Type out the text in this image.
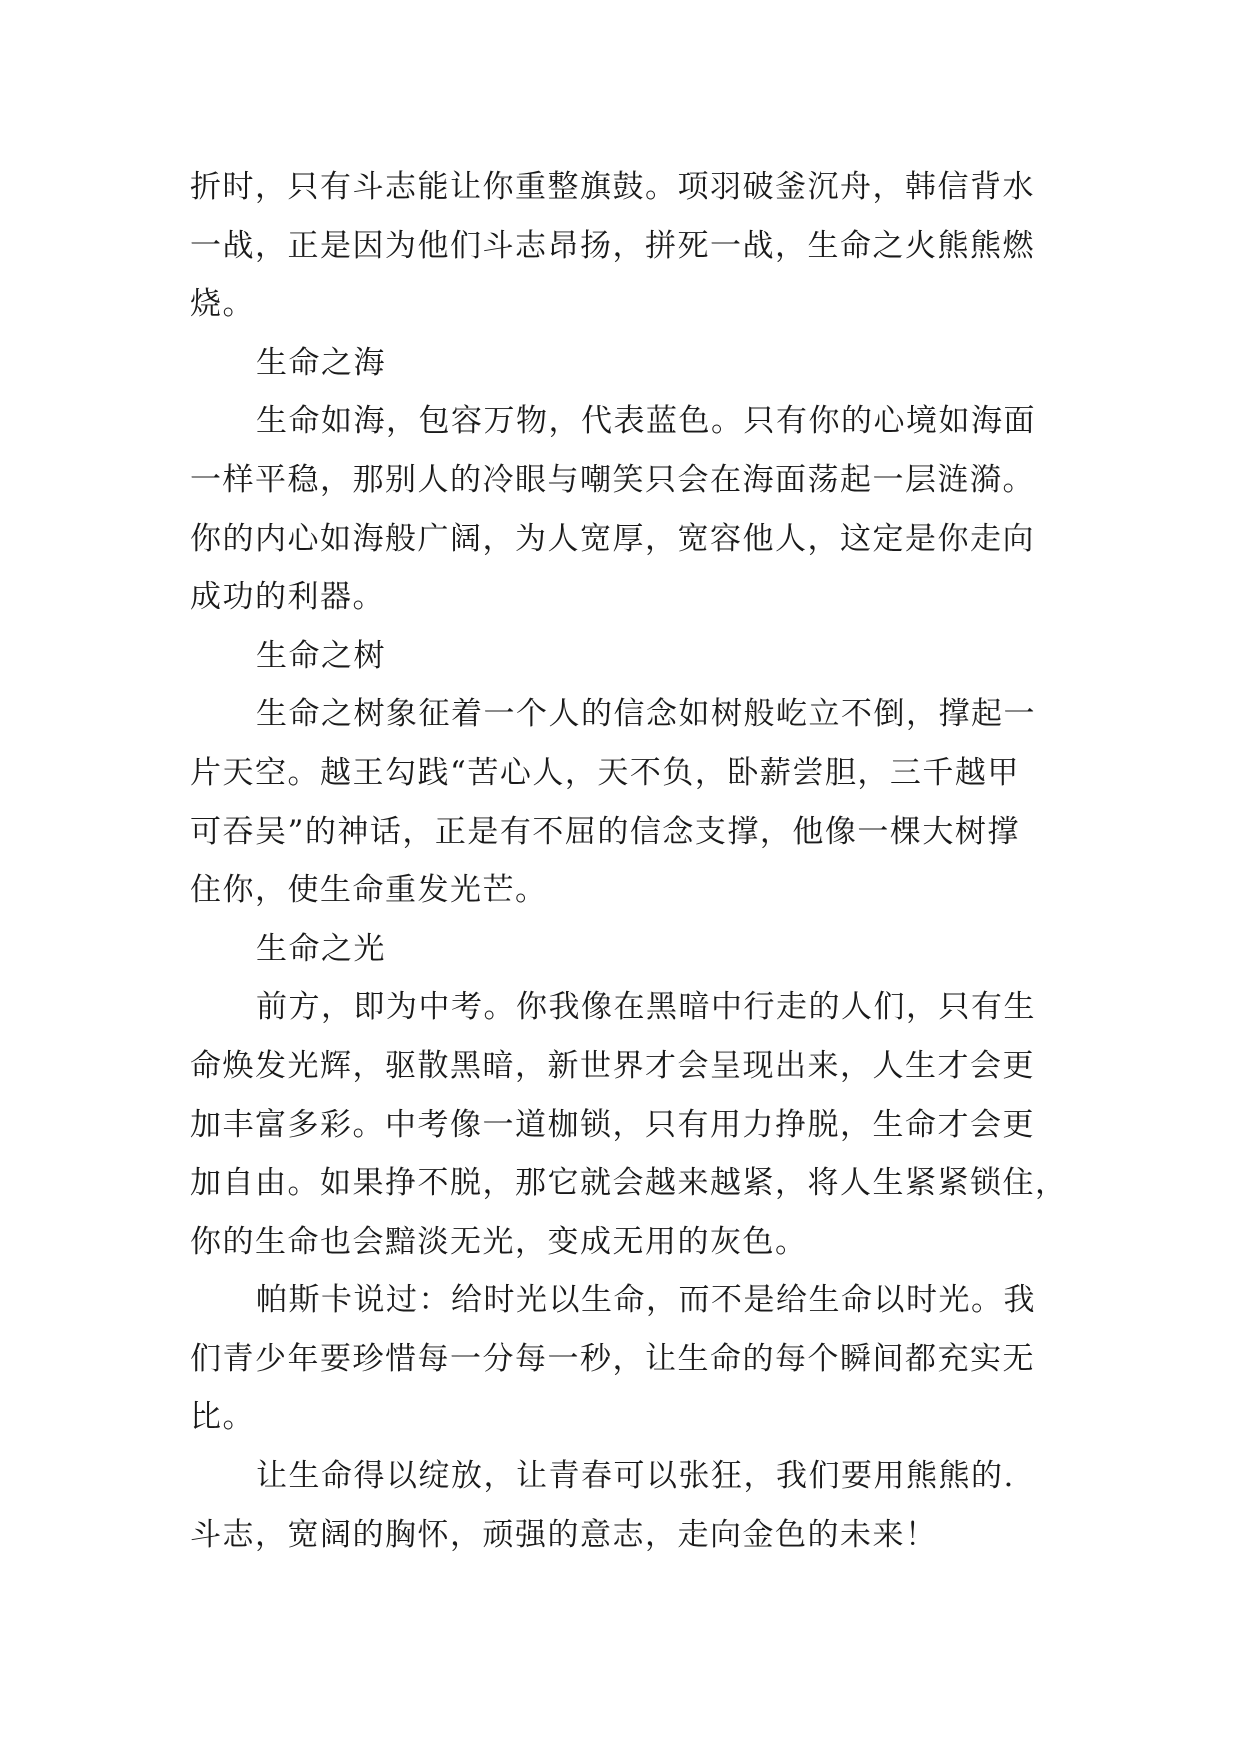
折时，只有斗志能让你重整旗鼓。项羽破釜沉舟，韩信背水
一战，正是因为他们斗志昂扬，拼死一战，生命之火熊熊燃
烧。
生命之海
生命如海，包容万物，代表蓝色。只有你的心境如海面
一样平稳，那别人的冷眼与嘲笑只会在海面荡起一层涟漪。
你的内心如海般广阔，为人宽厚，宽容他人，这定是你走向
成功的利器。
生命之树
生命之树象征着一个人的信念如树般屹立不倒，撑起一
片天空。越王勾践“苦心人，天不负，卧薪尝胆，三千越甲
可吞吴”的神话，正是有不屈的信念支撑，他像一棵大树撑
住你，使生命重发光芒。
生命之光
前方，即为中考。你我像在黑暗中行走的人们，只有生
命焕发光辉，驱散黑暗，新世界才会呈现出来，人生才会更
加丰富多彩。中考像一道枷锁，只有用力挣脱，生命才会更
加自由。如果挣不脱，那它就会越来越紧，将人生紧紧锁住，
你的生命也会黯淡无光，变成无用的灰色。
帕斯卡说过：给时光以生命，而不是给生命以时光。我
们青少年要珍惜每一分每一秒，让生命的每个瞬间都充实无
比。
让生命得以绽放，让青春可以张狂，我们要用熊熊的.
斗志，宽阔的胸怀，顽强的意志，走向金色的未来！
